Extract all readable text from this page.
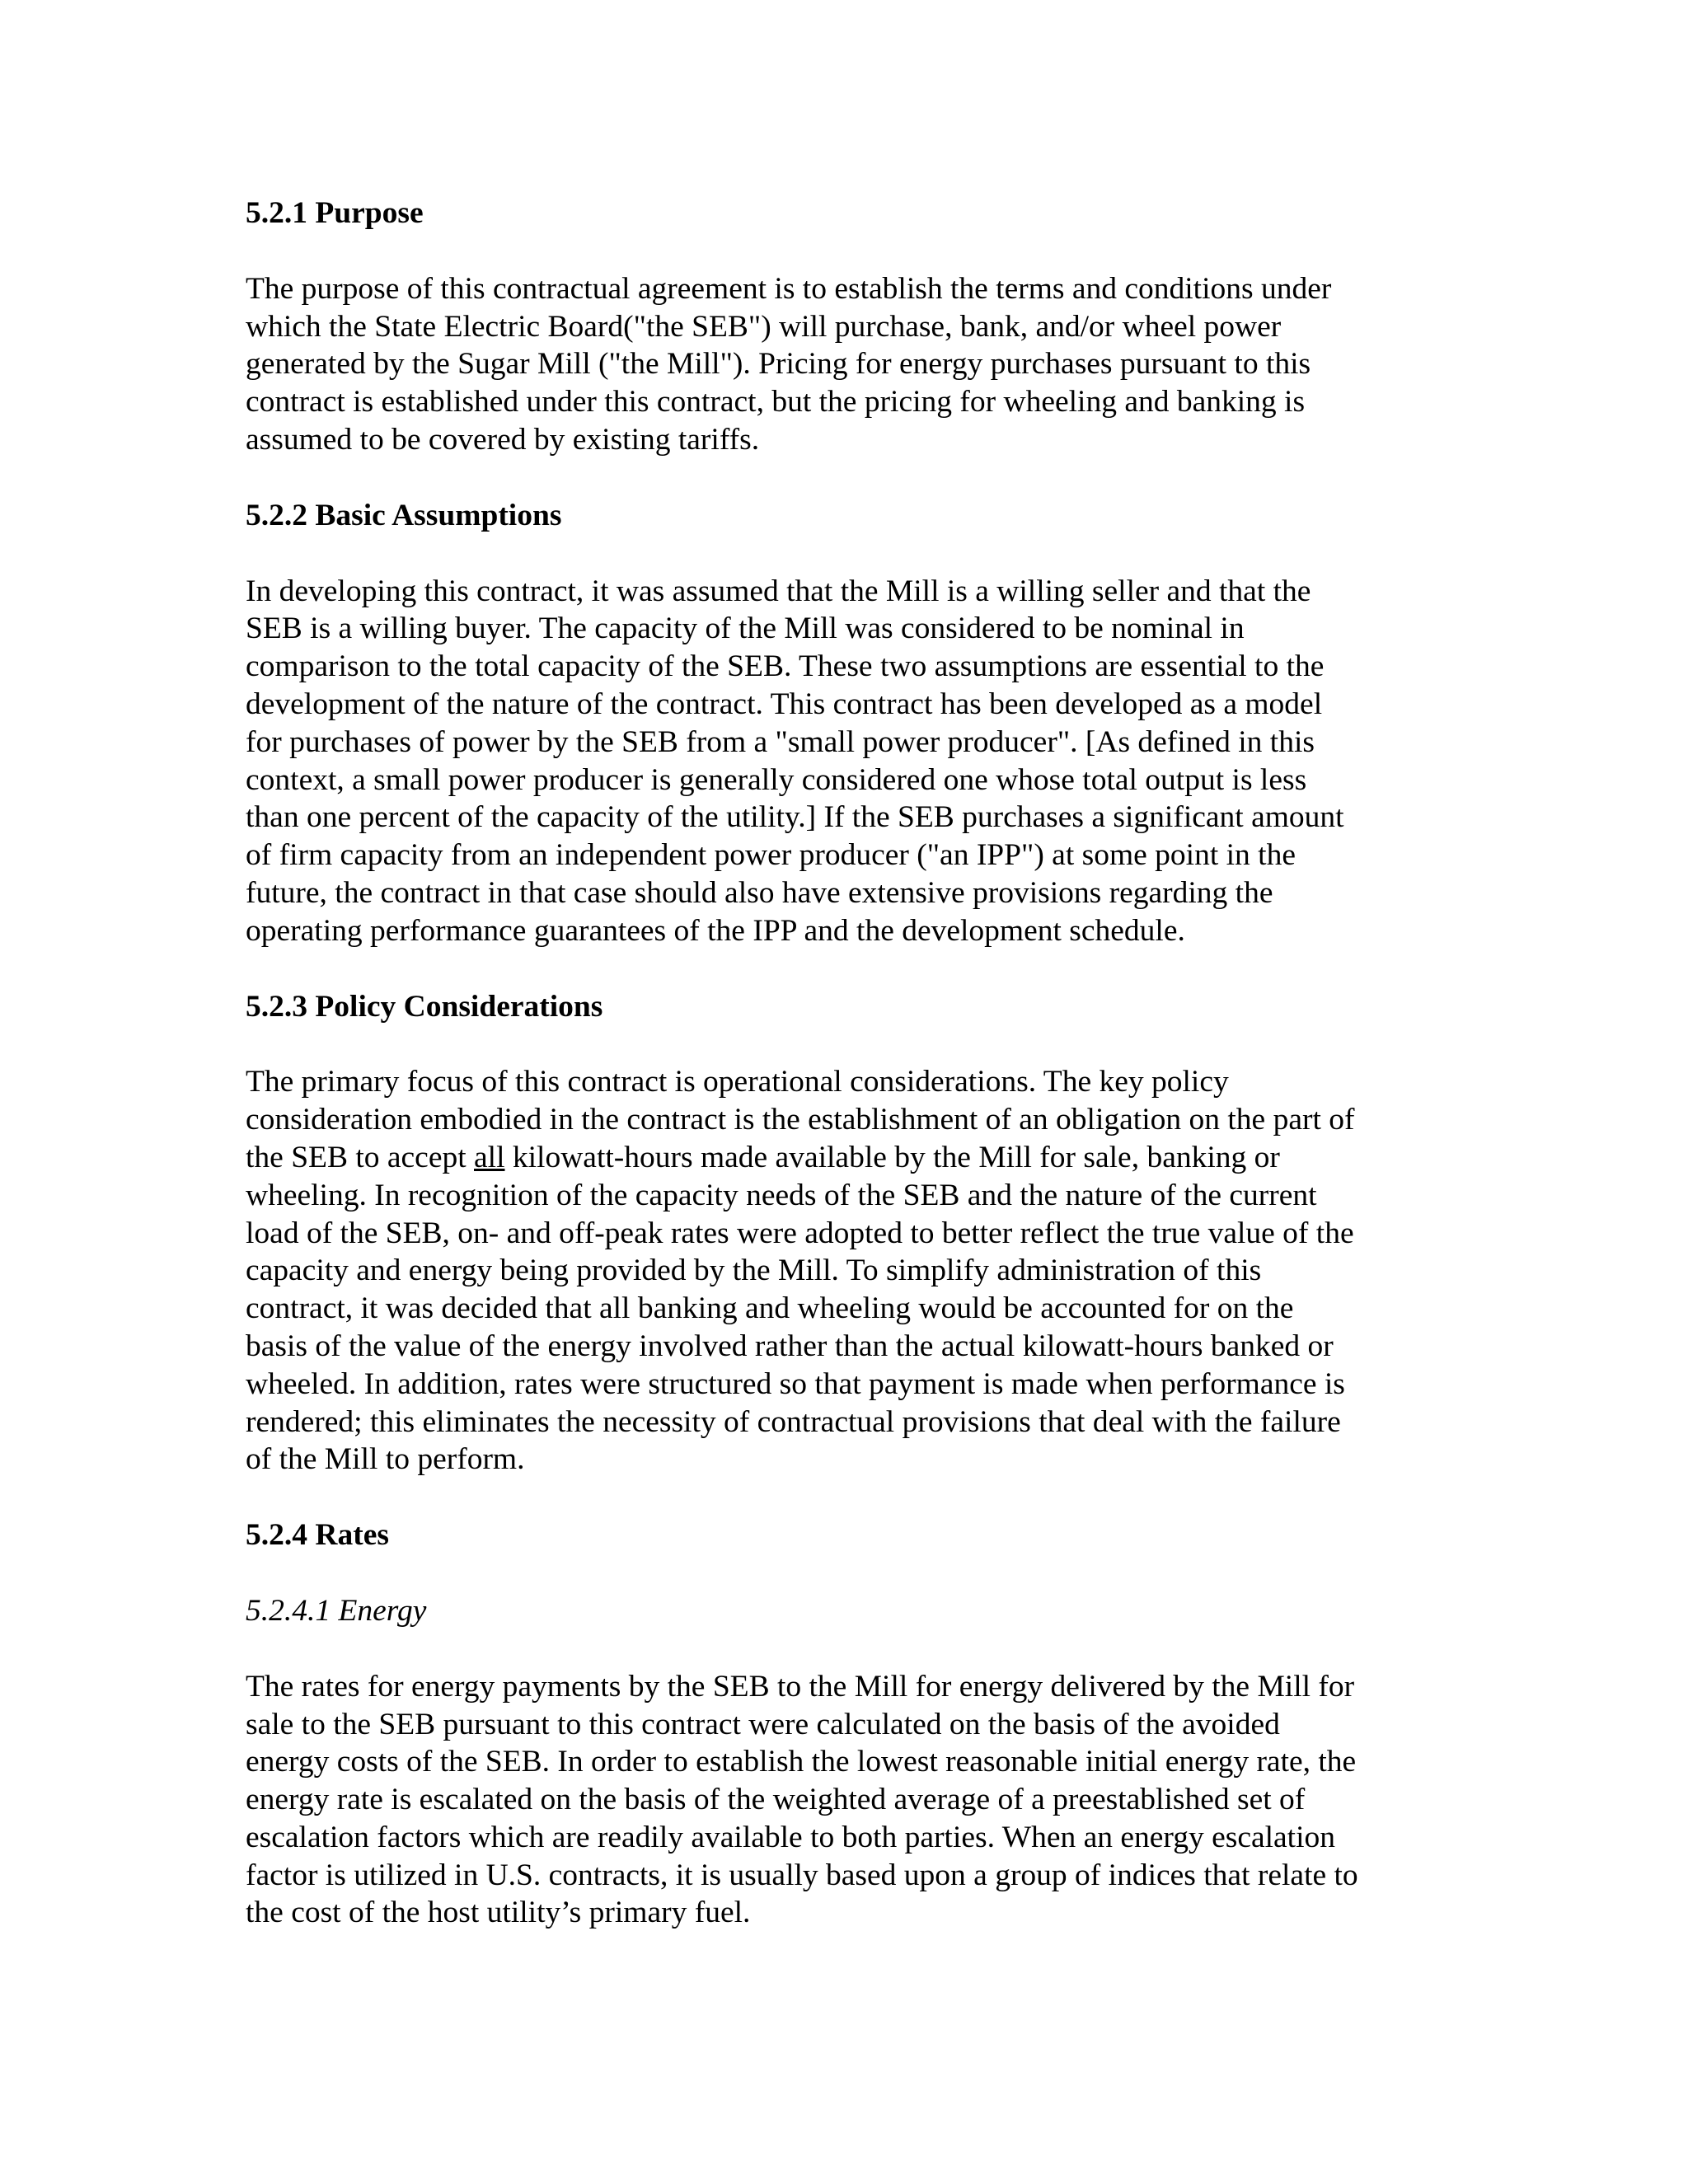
5.2.1 Purpose
The purpose of this contractual agreement is to establish the terms and conditions under
which the State Electric Board("the SEB") will purchase, bank, and/or wheel power
generated by the Sugar Mill ("the Mill"). Pricing for energy purchases pursuant to this
contract is established under this contract, but the pricing for wheeling and banking is
assumed to be covered by existing tariffs.
5.2.2 Basic Assumptions
In developing this contract, it was assumed that the Mill is a willing seller and that the
SEB is a willing buyer. The capacity of the Mill was considered to be nominal in
comparison to the total capacity of the SEB. These two assumptions are essential to the
development of the nature of the contract. This contract has been developed as a model
for purchases of power by the SEB from a "small power producer". [As defined in this
context, a small power producer is generally considered one whose total output is less
than one percent of the capacity of the utility.] If the SEB purchases a significant amount
of firm capacity from an independent power producer ("an IPP") at some point in the
future, the contract in that case should also have extensive provisions regarding the
operating performance guarantees of the IPP and the development schedule.
5.2.3 Policy Considerations
The primary focus of this contract is operational considerations. The key policy
consideration embodied in the contract is the establishment of an obligation on the part of
the SEB to accept all kilowatt-hours made available by the Mill for sale, banking or
wheeling. In recognition of the capacity needs of the SEB and the nature of the current
load of the SEB, on- and off-peak rates were adopted to better reflect the true value of the
capacity and energy being provided by the Mill. To simplify administration of this
contract, it was decided that all banking and wheeling would be accounted for on the
basis of the value of the energy involved rather than the actual kilowatt-hours banked or
wheeled. In addition, rates were structured so that payment is made when performance is
rendered; this eliminates the necessity of contractual provisions that deal with the failure
of the Mill to perform.
5.2.4 Rates
5.2.4.1 Energy
The rates for energy payments by the SEB to the Mill for energy delivered by the Mill for
sale to the SEB pursuant to this contract were calculated on the basis of the avoided
energy costs of the SEB. In order to establish the lowest reasonable initial energy rate, the
energy rate is escalated on the basis of the weighted average of a preestablished set of
escalation factors which are readily available to both parties. When an energy escalation
factor is utilized in U.S. contracts, it is usually based upon a group of indices that relate to
the cost of the host utility’s primary fuel.
